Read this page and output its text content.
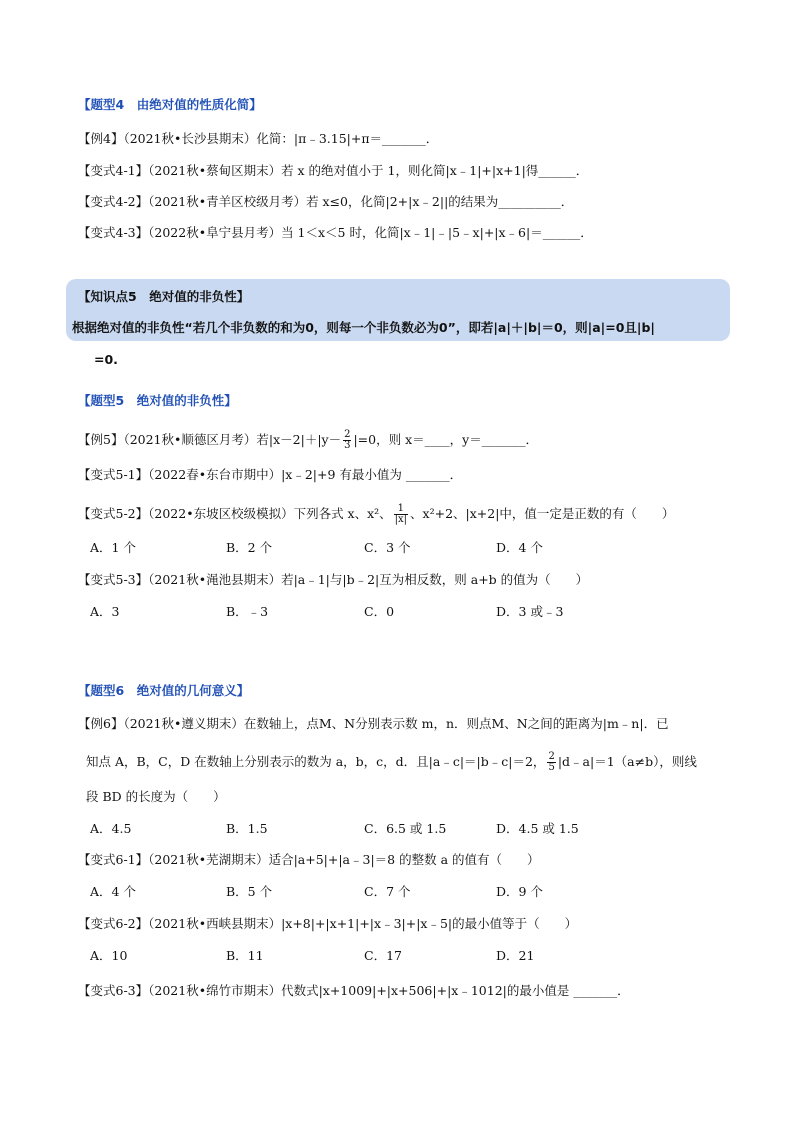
【题型4　由绝对值的性质化简】
【例4】（2021秋•长沙县期末）化简：|π﹣3.15|+π＝_______．
【变式4-1】（2021秋•蔡甸区期末）若 x 的绝对值小于 1，则化简|x﹣1|+|x+1|得______．
【变式4-2】（2021秋•青羊区校级月考）若 x≤0，化简|2+|x﹣2||的结果为__________．
【变式4-3】（2022秋•阜宁县月考）当 1＜x＜5 时，化简|x﹣1|﹣|5﹣x|+|x﹣6|＝______．
【知识点5　绝对值的非负性】
根据绝对值的非负性“若几个非负数的和为0，则每一个非负数必为0”，即若|a|＋|b|＝0，则|a|=0且|b|
=0.
【题型5　绝对值的非负性】
【例5】（2021秋•顺德区月考）若$|x-2|+|y- \frac{2}{3} |=0$，则 x＝____，y＝_______．
【变式5-1】（2022春•东台市期中）|x﹣2|+9 有最小值为 _______．
【变式5-2】（2022•东坡区校级模拟）下列各式 x、x²、 $\frac{1}{|x|}$ 、x²+2、|x+2|中，值一定是正数的有（　　）
A．1 个	B．2 个	C．3 个	D．4 个
【变式5-3】（2021秋•渑池县期末）若|a﹣1|与|b﹣2|互为相反数，则 a+b 的值为（　　）
A．3	B．﹣3	C．0	D．3 或﹣3
【题型6　绝对值的几何意义】
【例6】（2021秋•遵义期末）在数轴上，点M、N分别表示数 m，n．则点M、N之间的距离为|m﹣n|．已
知点 A，B，C，D 在数轴上分别表示的数为 a，b，c，d．且|a﹣c|＝|b﹣c|＝2， $\frac{2}{5}$ |d﹣a|＝1（a≠b），则线
段 BD 的长度为（　　）
A．4.5	B．1.5	C．6.5 或 1.5	D．4.5 或 1.5
【变式6-1】（2021秋•芜湖期末）适合|a+5|+|a﹣3|＝8 的整数 a 的值有（　　）
A．4 个	B．5 个	C．7 个	D．9 个
【变式6-2】（2021秋•西峡县期末）|x+8|+|x+1|+|x﹣3|+|x﹣5|的最小值等于（　　）
A．10	B．11	C．17	D．21
【变式6-3】（2021秋•绵竹市期末）代数式|x+1009|+|x+506|+|x﹣1012|的最小值是 _______．
